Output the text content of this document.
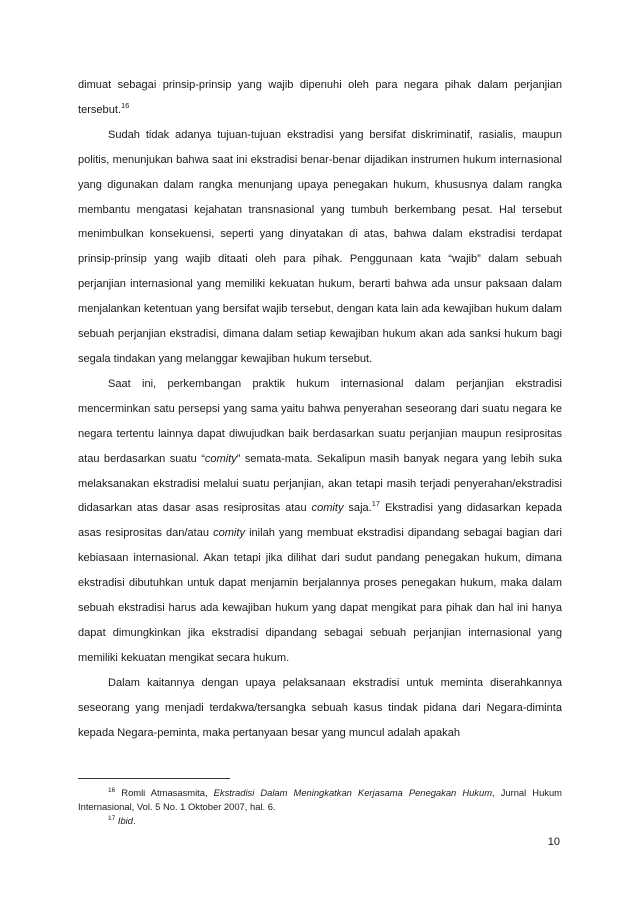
dimuat sebagai prinsip-prinsip yang wajib dipenuhi oleh para negara pihak dalam perjanjian tersebut.$^{16}$

Sudah tidak adanya tujuan-tujuan ekstradisi yang bersifat diskriminatif, rasialis, maupun politis, menunjukan bahwa saat ini ekstradisi benar-benar dijadikan instrumen hukum internasional yang digunakan dalam rangka menunjang upaya penegakan hukum, khususnya dalam rangka membantu mengatasi kejahatan transnasional yang tumbuh berkembang pesat. Hal tersebut menimbulkan konsekuensi, seperti yang dinyatakan di atas, bahwa dalam ekstradisi terdapat prinsip-prinsip yang wajib ditaati oleh para pihak. Penggunaan kata “wajib” dalam sebuah perjanjian internasional yang memiliki kekuatan hukum, berarti bahwa ada unsur paksaan dalam menjalankan ketentuan yang bersifat wajib tersebut, dengan kata lain ada kewajiban hukum dalam sebuah perjanjian ekstradisi, dimana dalam setiap kewajiban hukum akan ada sanksi hukum bagi segala tindakan yang melanggar kewajiban hukum tersebut.

Saat ini, perkembangan praktik hukum internasional dalam perjanjian ekstradisi mencerminkan satu persepsi yang sama yaitu bahwa penyerahan seseorang dari suatu negara ke negara tertentu lainnya dapat diwujudkan baik berdasarkan suatu perjanjian maupun resiprositas atau berdasarkan suatu “comity” semata-mata. Sekalipun masih banyak negara yang lebih suka melaksanakan ekstradisi melalui suatu perjanjian, akan tetapi masih terjadi penyerahan/ekstradisi didasarkan atas dasar asas resiprositas atau comity saja.$^{17}$ Ekstradisi yang didasarkan kepada asas resiprositas dan/atau comity inilah yang membuat ekstradisi dipandang sebagai bagian dari kebiasaan internasional. Akan tetapi jika dilihat dari sudut pandang penegakan hukum, dimana ekstradisi dibutuhkan untuk dapat menjamin berjalannya proses penegakan hukum, maka dalam sebuah ekstradisi harus ada kewajiban hukum yang dapat mengikat para pihak dan hal ini hanya dapat dimungkinkan jika ekstradisi dipandang sebagai sebuah perjanjian internasional yang memiliki kekuatan mengikat secara hukum.

Dalam kaitannya dengan upaya pelaksanaan ekstradisi untuk meminta diserahkannya seseorang yang menjadi terdakwa/tersangka sebuah kasus tindak pidana dari Negara-diminta kepada Negara-peminta, maka pertanyaan besar yang muncul adalah apakah

$^{16}$ Romli Atmasasmita, Ekstradisi Dalam Meningkatkan Kerjasama Penegakan Hukum, Jurnal Hukum Internasional, Vol. 5 No. 1 Oktober 2007, hal. 6.

$^{17}$ Ibid.

10
